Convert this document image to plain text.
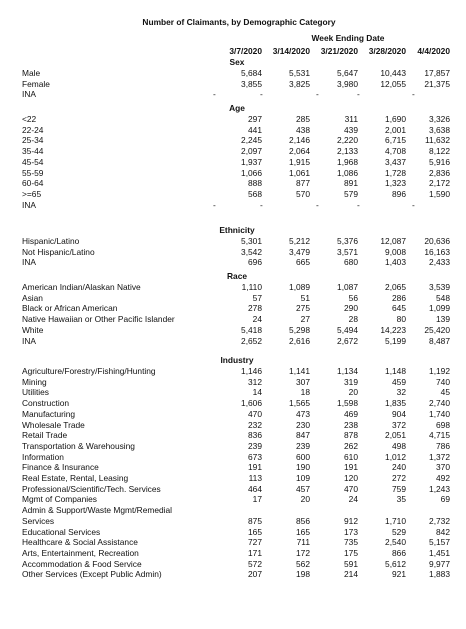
Number of Claimants, by Demographic Category
Week Ending Date
3/7/2020	3/14/2020	3/21/2020	3/28/2020	4/4/2020
Sex
Male	5,684	5,531	5,647	10,443	17,857
Female	3,855	3,825	3,980	12,055	21,375
INA	-	-	-	-	-
Age
<22	297	285	311	1,690	3,326
22-24	441	438	439	2,001	3,638
25-34	2,245	2,146	2,220	6,715	11,632
35-44	2,097	2,064	2,133	4,708	8,122
45-54	1,937	1,915	1,968	3,437	5,916
55-59	1,066	1,061	1,086	1,728	2,836
60-64	888	877	891	1,323	2,172
>=65	568	570	579	896	1,590
INA	-	-	-	-	-
Ethnicity
Hispanic/Latino	5,301	5,212	5,376	12,087	20,636
Not Hispanic/Latino	3,542	3,479	3,571	9,008	16,163
INA	696	665	680	1,403	2,433
Race
American Indian/Alaskan Native	1,110	1,089	1,087	2,065	3,539
Asian	57	51	56	286	548
Black or African American	278	275	290	645	1,099
Native Hawaiian or Other Pacific Islander	24	27	28	80	139
White	5,418	5,298	5,494	14,223	25,420
INA	2,652	2,616	2,672	5,199	8,487
Industry
Agriculture/Forestry/Fishing/Hunting	1,146	1,141	1,134	1,148	1,192
Mining	312	307	319	459	740
Utilities	14	18	20	32	45
Construction	1,606	1,565	1,598	1,835	2,740
Manufacturing	470	473	469	904	1,740
Wholesale Trade	232	230	238	372	698
Retail Trade	836	847	878	2,051	4,715
Transportation & Warehousing	239	239	262	498	786
Information	673	600	610	1,012	1,372
Finance & Insurance	191	190	191	240	370
Real Estate, Rental, Leasing	113	109	120	272	492
Professional/Scientific/Tech. Services	464	457	470	759	1,243
Mgmt of Companies	17	20	24	35	69
Admin & Support/Waste Mgmt/Remedial
Services	875	856	912	1,710	2,732
Educational Services	165	165	173	529	842
Healthcare & Social Assistance	727	711	735	2,540	5,157
Arts, Entertainment, Recreation	171	172	175	866	1,451
Accommodation & Food Service	572	562	591	5,612	9,977
Other Services (Except Public Admin)	207	198	214	921	1,883
